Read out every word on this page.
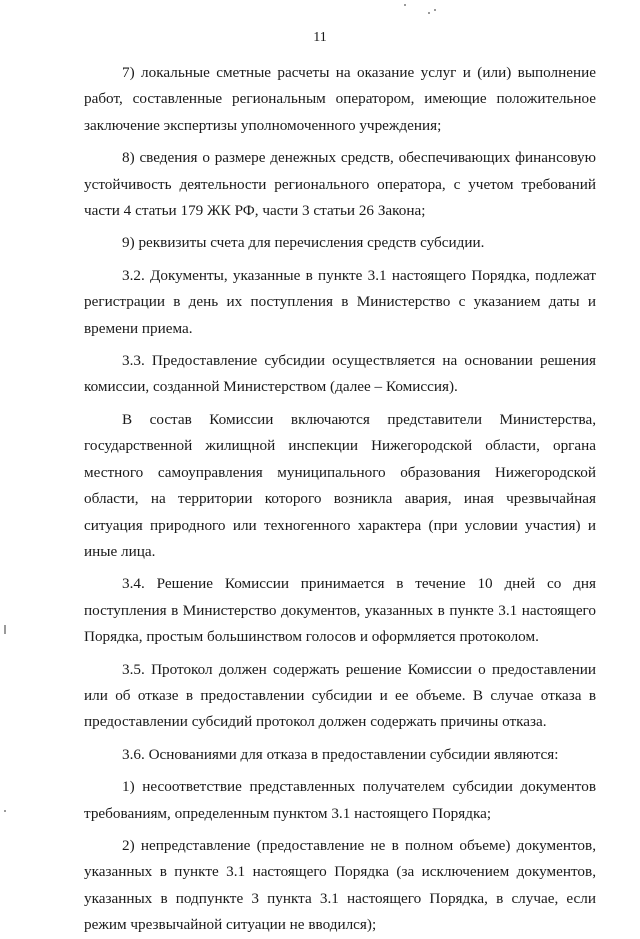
11

7) локальные сметные расчеты на оказание услуг и (или) выполнение работ, составленные региональным оператором, имеющие положительное заключение экспертизы уполномоченного учреждения;

8) сведения о размере денежных средств, обеспечивающих финансовую устойчивость деятельности регионального оператора, с учетом требований части 4 статьи 179 ЖК РФ, части 3 статьи 26 Закона;

9) реквизиты счета для перечисления средств субсидии.

3.2. Документы, указанные в пункте 3.1 настоящего Порядка, подлежат регистрации в день их поступления в Министерство с указанием даты и времени приема.

3.3. Предоставление субсидии осуществляется на основании решения комиссии, созданной Министерством (далее – Комиссия).

В состав Комиссии включаются представители Министерства, государственной жилищной инспекции Нижегородской области, органа местного самоуправления муниципального образования Нижегородской области, на территории которого возникла авария, иная чрезвычайная ситуация природного или техногенного характера (при условии участия) и иные лица.

3.4. Решение Комиссии принимается в течение 10 дней со дня поступления в Министерство документов, указанных в пункте 3.1 настоящего Порядка, простым большинством голосов и оформляется протоколом.

3.5. Протокол должен содержать решение Комиссии о предоставлении или об отказе в предоставлении субсидии и ее объеме. В случае отказа в предоставлении субсидий протокол должен содержать причины отказа.

3.6. Основаниями для отказа в предоставлении субсидии являются:

1) несоответствие представленных получателем субсидии документов требованиям, определенным пунктом 3.1 настоящего Порядка;

2) непредставление (предоставление не в полном объеме) документов, указанных в пункте 3.1 настоящего Порядка (за исключением документов, указанных в подпункте 3 пункта 3.1 настоящего Порядка, в случае, если режим чрезвычайной ситуации не вводился);
